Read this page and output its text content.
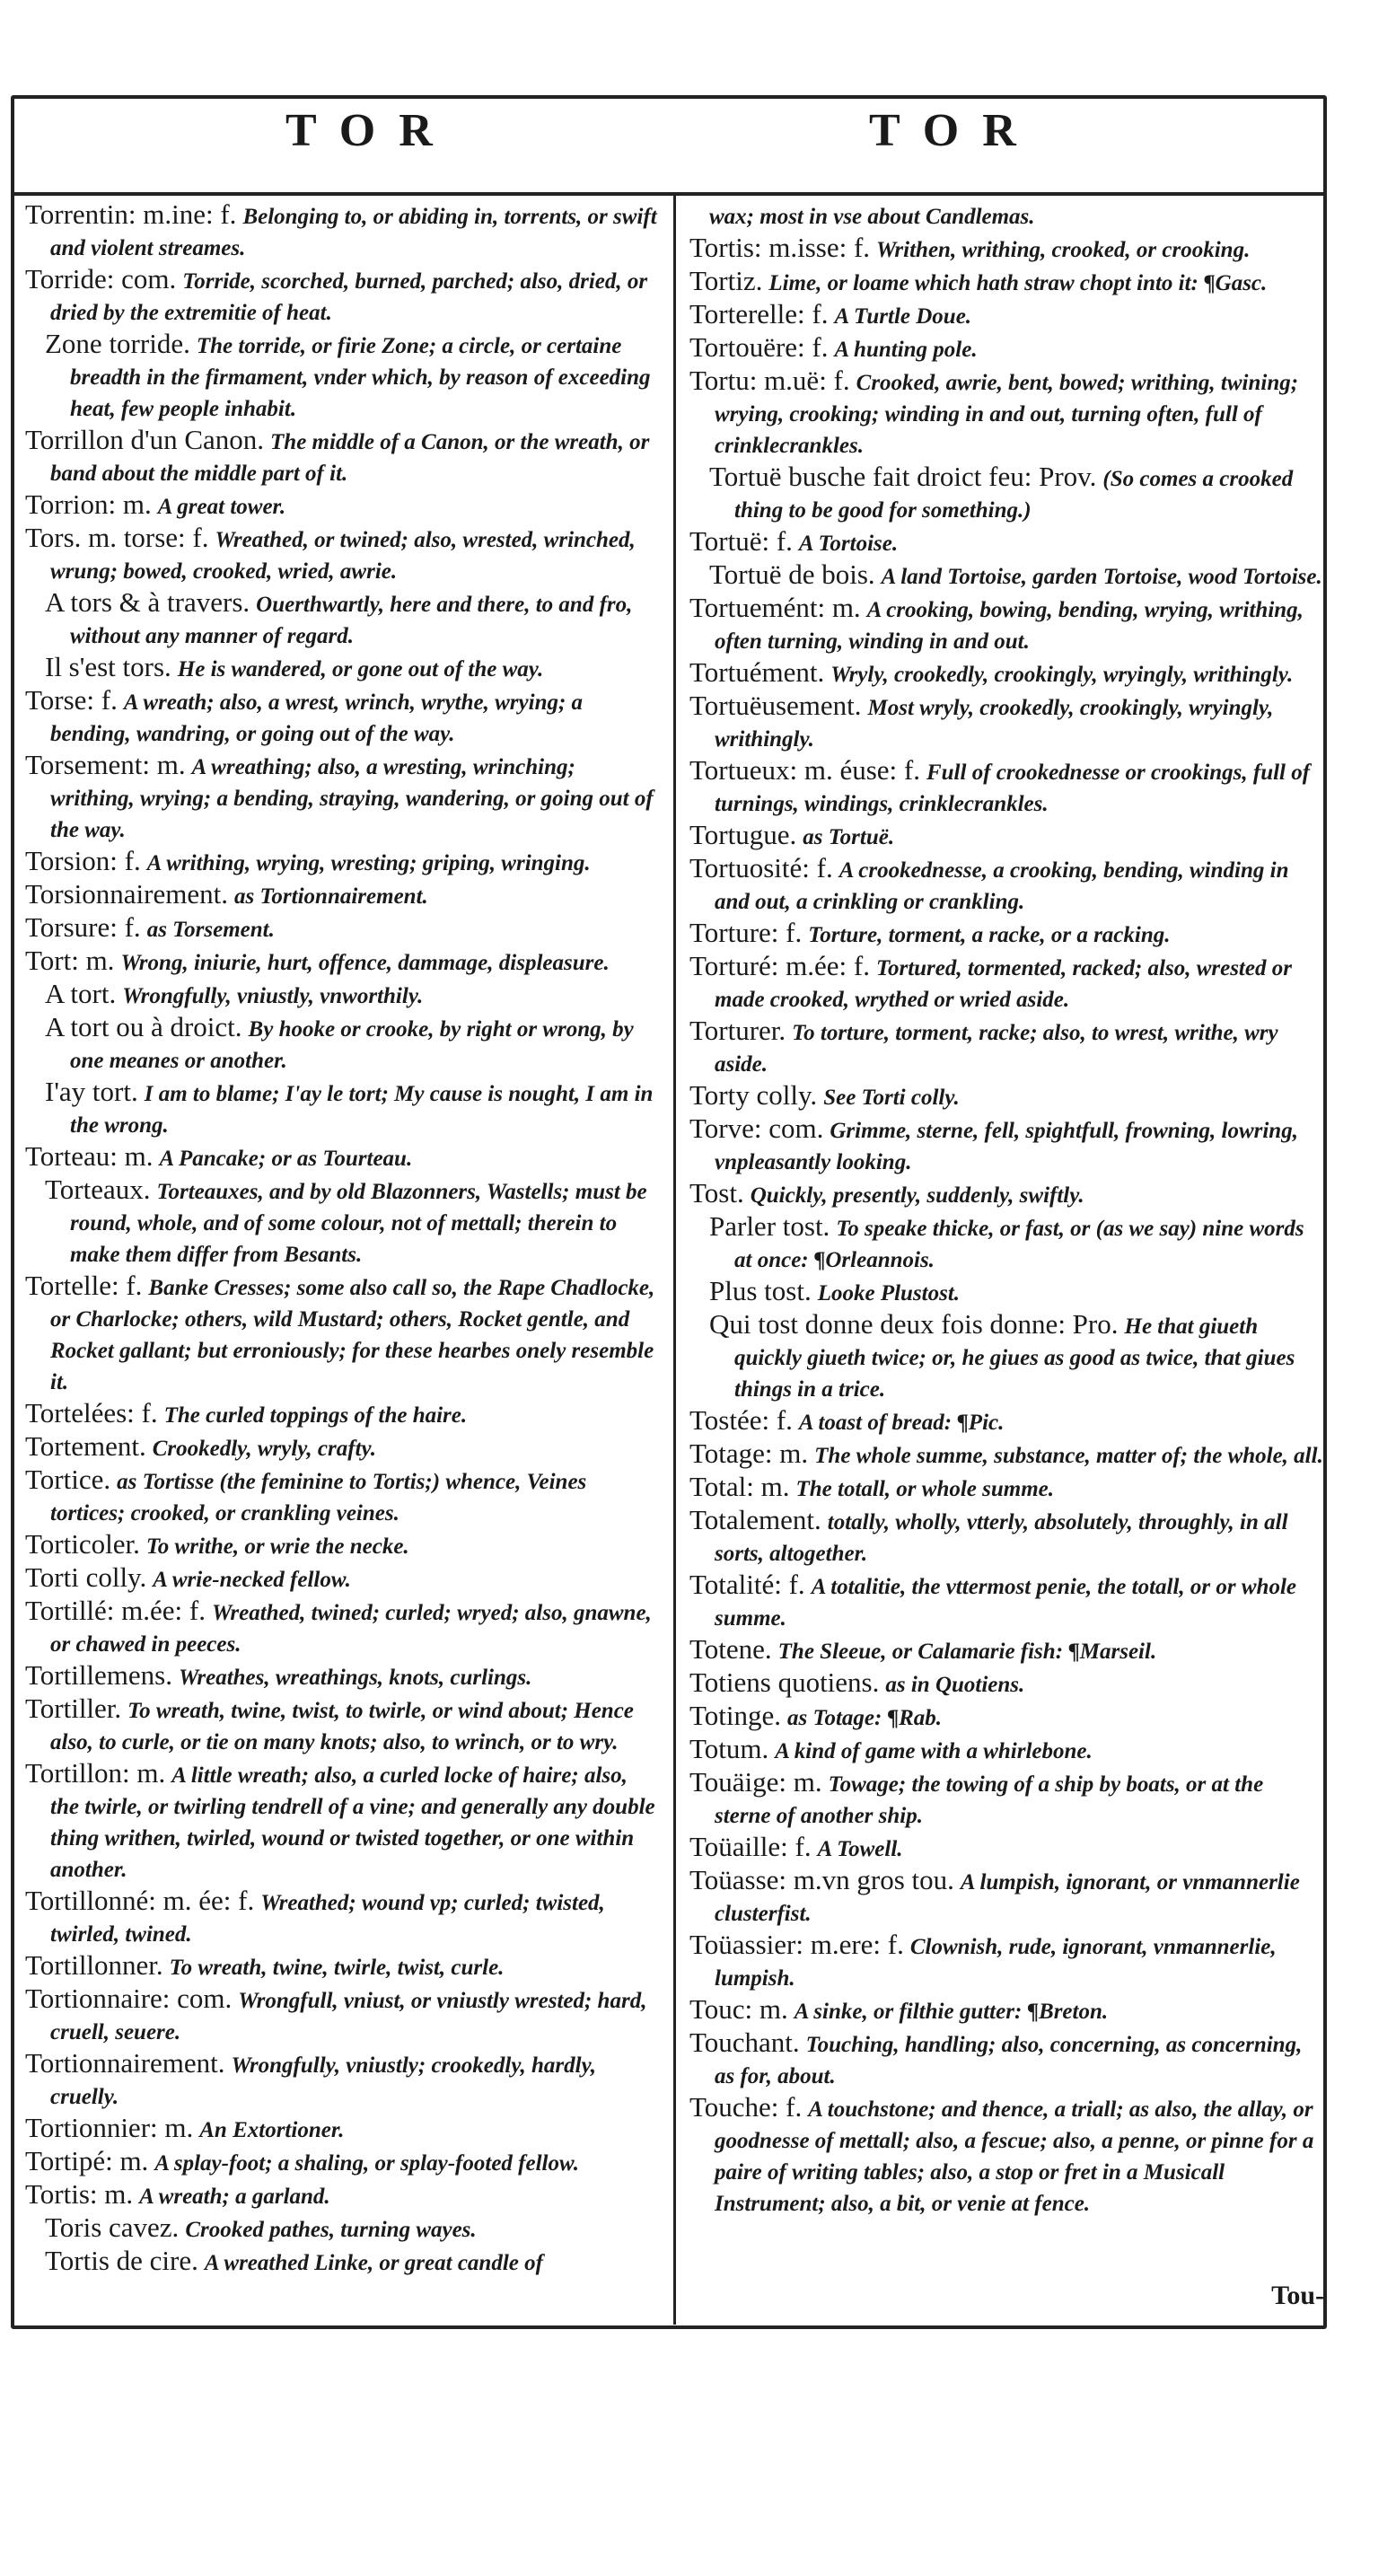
TOR	TOR

Torrentin: m.ine: f. Belonging to, or abiding in, torrents, or swift and violent streames.

Torride: com. Torride, scorched, burned, parched; also, dried, or dried by the extremitie of heat.

Zone torride. The torride, or firie Zone; a circle, or certaine breadth in the firmament, vnder which, by reason of exceeding heat, few people inhabit.

Torrillon d'un Canon. The middle of a Canon, or the wreath, or band about the middle part of it.

Torrion: m. A great tower.

Tors. m. torse: f. Wreathed, or twined; also, wrested, wrinched, wrung; bowed, crooked, wried, awrie.

A tors & à travers. Ouerthwartly, here and there, to and fro, without any manner of regard.

Il s'est tors. He is wandered, or gone out of the way.

Torse: f. A wreath; also, a wrest, wrinch, wrythe, wrying; a bending, wandring, or going out of the way.

Torsement: m. A wreathing; also, a wresting, wrinching; writhing, wrying; a bending, straying, wandering, or going out of the way.

Torsion: f. A writhing, wrying, wresting; griping, wringing.

Torsionnairement. as Tortionnairement.

Torsure: f. as Torsement.

Tort: m. Wrong, iniurie, hurt, offence, dammage, displeasure.

A tort. Wrongfully, vniustly, vnworthily.

A tort ou à droict. By hooke or crooke, by right or wrong, by one meanes or another.

I'ay tort. I am to blame; I'ay le tort; My cause is nought, I am in the wrong.

Torteau: m. A Pancake; or as Tourteau.

Torteaux. Torteauxes, and by old Blazonners, Wastells; must be round, whole, and of some colour, not of mettall; therein to make them differ from Besants.

Tortelle: f. Banke Cresses; some also call so, the Rape Chadlocke, or Charlocke; others, wild Mustard; others, Rocket gentle, and Rocket gallant; but erroniously; for these hearbes onely resemble it.

Tortelées: f. The curled toppings of the haire.

Tortement. Crookedly, wryly, crafty.

Tortice. as Tortisse (the feminine to Tortis;) whence, Veines tortices; crooked, or crankling veines.

Torticoler. To writhe, or wrie the necke.

Torti colly. A wrie-necked fellow.

Tortillé: m.ée: f. Wreathed, twined; curled; wryed; also, gnawne, or chawed in peeces.

Tortillemens. Wreathes, wreathings, knots, curlings.

Tortiller. To wreath, twine, twist, to twirle, or wind about; Hence also, to curle, or tie on many knots; also, to wrinch, or to wry.

Tortillon: m. A little wreath; also, a curled locke of haire; also, the twirle, or twirling tendrell of a vine; and generally any double thing writhen, twirled, wound or twisted together, or one within another.

Tortillonné: m. ée: f. Wreathed; wound vp; curled; twisted, twirled, twined.

Tortillonner. To wreath, twine, twirle, twist, curle.

Tortionnaire: com. Wrongfull, vniust, or vniustly wrested; hard, cruell, seuere.

Tortionnairement. Wrongfully, vniustly; crookedly, hardly, cruelly.

Tortionnier: m. An Extortioner.

Tortipé: m. A splay-foot; a shaling, or splay-footed fellow.

Tortis: m. A wreath; a garland.

Toris cavez. Crooked pathes, turning wayes.

Tortis de cire. A wreathed Linke, or great candle of

wax; most in vse about Candlemas.

Tortis: m.isse: f. Writhen, writhing, crooked, or crooking.

Tortiz. Lime, or loame which hath straw chopt into it: ¶Gasc.

Torterelle: f. A Turtle Doue.

Tortouëre: f. A hunting pole.

Tortu: m.uë: f. Crooked, awrie, bent, bowed; writhing, twining; wrying, crooking; winding in and out, turning often, full of crinklecrankles.

Tortuë busche fait droict feu: Prov. (So comes a crooked thing to be good for something.)

Tortuë: f. A Tortoise.

Tortuë de bois. A land Tortoise, garden Tortoise, wood Tortoise.

Tortuemént: m. A crooking, bowing, bending, wrying, writhing, often turning, winding in and out.

Tortuément. Wryly, crookedly, crookingly, wryingly, writhingly.

Tortuëusement. Most wryly, crookedly, crookingly, wryingly, writhingly.

Tortueux: m. éuse: f. Full of crookednesse or crookings, full of turnings, windings, crinklecrankles.

Tortugue. as Tortuë.

Tortuosité: f. A crookednesse, a crooking, bending, winding in and out, a crinkling or crankling.

Torture: f. Torture, torment, a racke, or a racking.

Torturé: m.ée: f. Tortured, tormented, racked; also, wrested or made crooked, wrythed or wried aside.

Torturer. To torture, torment, racke; also, to wrest, writhe, wry aside.

Torty colly. See Torti colly.

Torve: com. Grimme, sterne, fell, spightfull, frowning, lowring, vnpleasantly looking.

Tost. Quickly, presently, suddenly, swiftly.

Parler tost. To speake thicke, or fast, or (as we say) nine words at once: ¶Orleannois.

Plus tost. Looke Plustost.

Qui tost donne deux fois donne: Pro. He that giueth quickly giueth twice; or, he giues as good as twice, that giues things in a trice.

Tostée: f. A toast of bread: ¶Pic.

Totage: m. The whole summe, substance, matter of; the whole, all.

Total: m. The totall, or whole summe.

Totalement. totally, wholly, vtterly, absolutely, throughly, in all sorts, altogether.

Totalité: f. A totalitie, the vttermost penie, the totall, or or whole summe.

Totene. The Sleeue, or Calamarie fish: ¶Marseil.

Totiens quotiens. as in Quotiens.

Totinge. as Totage: ¶Rab.

Totum. A kind of game with a whirlebone.

Touäige: m. Towage; the towing of a ship by boats, or at the sterne of another ship.

Toüaille: f. A Towell.

Toüasse: m.vn gros tou. A lumpish, ignorant, or vnmannerlie clusterfist.

Toüassier: m.ere: f. Clownish, rude, ignorant, vnmannerlie, lumpish.

Touc: m. A sinke, or filthie gutter: ¶Breton.

Touchant. Touching, handling; also, concerning, as concerning, as for, about.

Touche: f. A touchstone; and thence, a triall; as also, the allay, or goodnesse of mettall; also, a fescue; also, a penne, or pinne for a paire of writing tables; also, a stop or fret in a Musicall Instrument; also, a bit, or venie at fence.

Tou-
